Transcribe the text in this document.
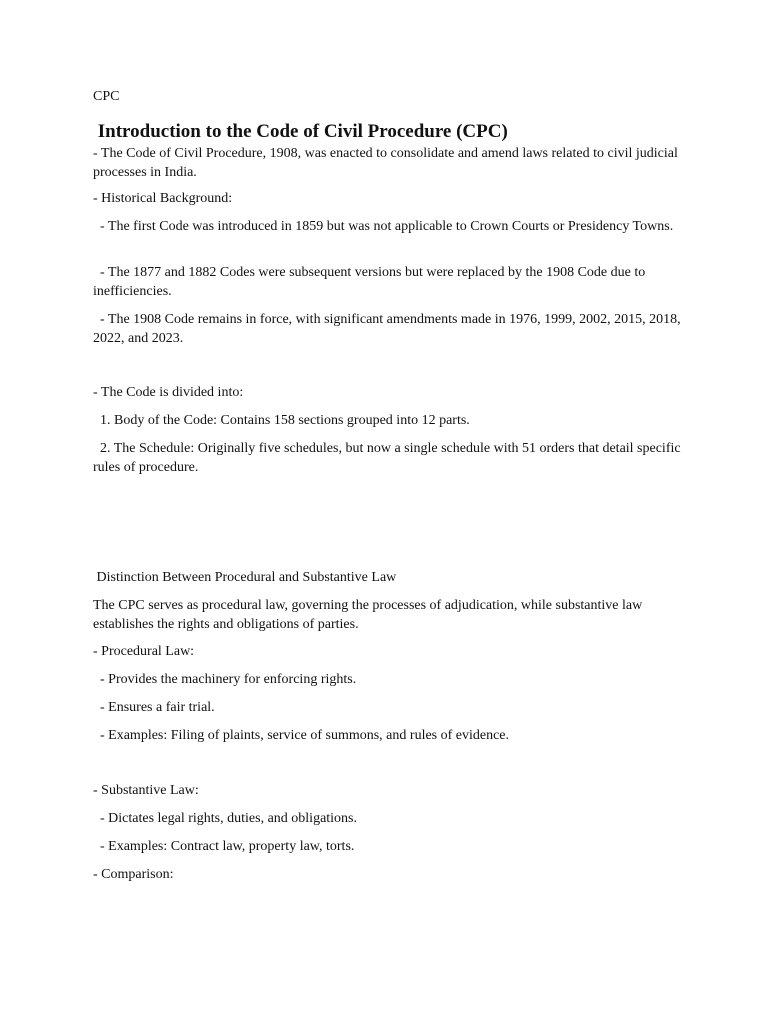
CPC

Introduction to the Code of Civil Procedure (CPC)

- The Code of Civil Procedure, 1908, was enacted to consolidate and amend laws related to civil judicial processes in India.

- Historical Background:

- The first Code was introduced in 1859 but was not applicable to Crown Courts or Presidency Towns.

- The 1877 and 1882 Codes were subsequent versions but were replaced by the 1908 Code due to inefficiencies.

- The 1908 Code remains in force, with significant amendments made in 1976, 1999, 2002, 2015, 2018, 2022, and 2023.

- The Code is divided into:

1. Body of the Code: Contains 158 sections grouped into 12 parts.

2. The Schedule: Originally five schedules, but now a single schedule with 51 orders that detail specific rules of procedure.

Distinction Between Procedural and Substantive Law

The CPC serves as procedural law, governing the processes of adjudication, while substantive law establishes the rights and obligations of parties.

- Procedural Law:

- Provides the machinery for enforcing rights.

- Ensures a fair trial.

- Examples: Filing of plaints, service of summons, and rules of evidence.

- Substantive Law:

- Dictates legal rights, duties, and obligations.

- Examples: Contract law, property law, torts.

- Comparison:
